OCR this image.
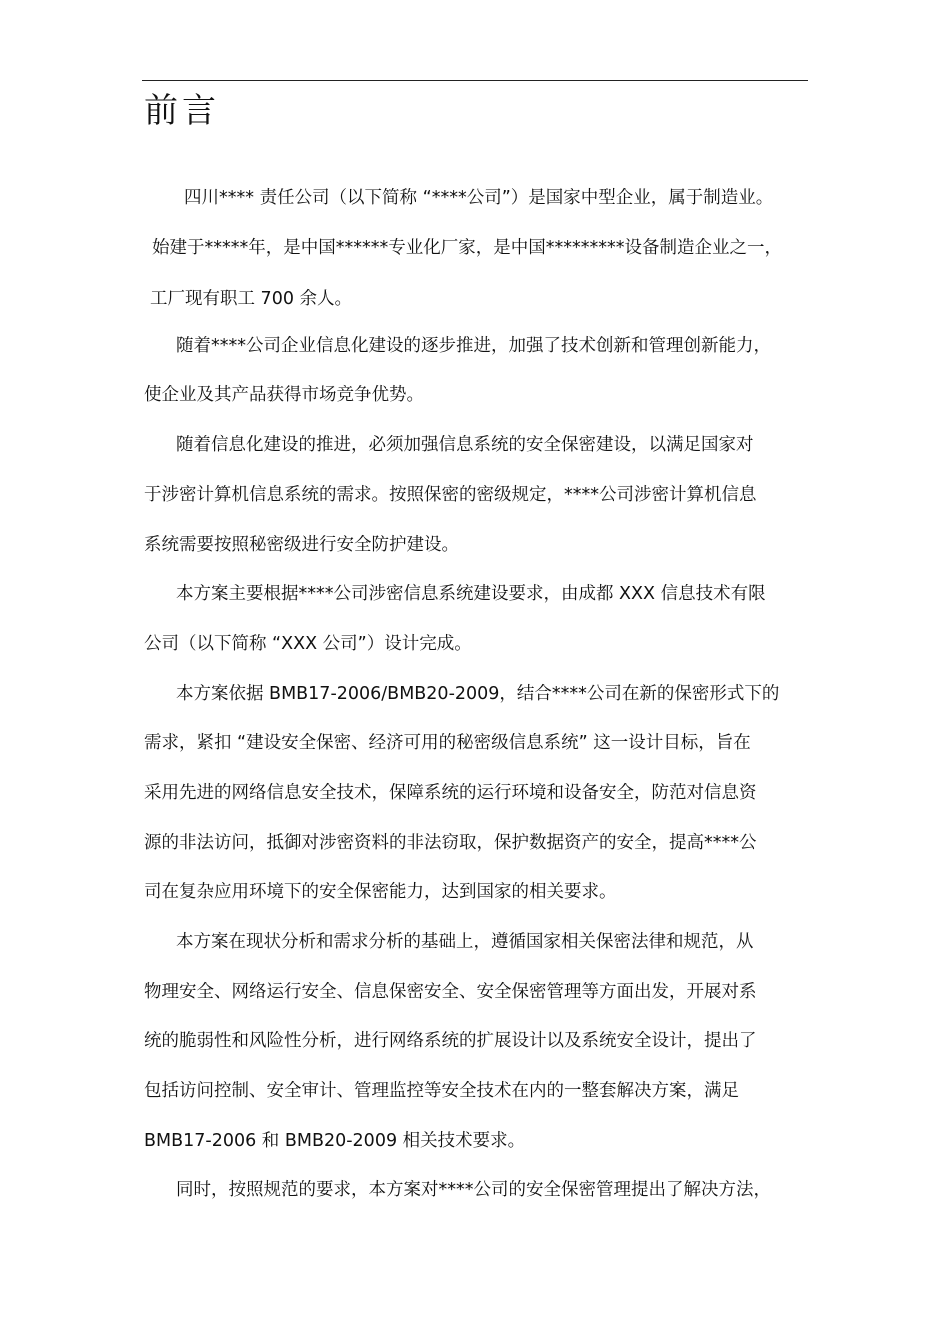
前言
四川**** 责任公司（以下简称 “****公司”）是国家中型企业，属于制造业。
始建于*****年，是中国******专业化厂家，是中国*********设备制造企业之一，
工厂现有职工 700 余人。
随着****公司企业信息化建设的逐步推进，加强了技术创新和管理创新能力，
使企业及其产品获得市场竞争优势。
随着信息化建设的推进，必须加强信息系统的安全保密建设，以满足国家对
于涉密计算机信息系统的需求。按照保密的密级规定，****公司涉密计算机信息
系统需要按照秘密级进行安全防护建设。
本方案主要根据****公司涉密信息系统建设要求，由成都 XXX 信息技术有限
公司（以下简称 “XXX 公司”）设计完成。
本方案依据 BMB17-2006/BMB20-2009，结合****公司在新的保密形式下的
需求，紧扣 “建设安全保密、经济可用的秘密级信息系统” 这一设计目标，旨在
采用先进的网络信息安全技术，保障系统的运行环境和设备安全，防范对信息资
源的非法访问，抵御对涉密资料的非法窃取，保护数据资产的安全，提高****公
司在复杂应用环境下的安全保密能力，达到国家的相关要求。
本方案在现状分析和需求分析的基础上，遵循国家相关保密法律和规范，从
物理安全、网络运行安全、信息保密安全、安全保密管理等方面出发，开展对系
统的脆弱性和风险性分析，进行网络系统的扩展设计以及系统安全设计，提出了
包括访问控制、安全审计、管理监控等安全技术在内的一整套解决方案，满足
BMB17-2006 和 BMB20-2009 相关技术要求。
同时，按照规范的要求，本方案对****公司的安全保密管理提出了解决方法，
